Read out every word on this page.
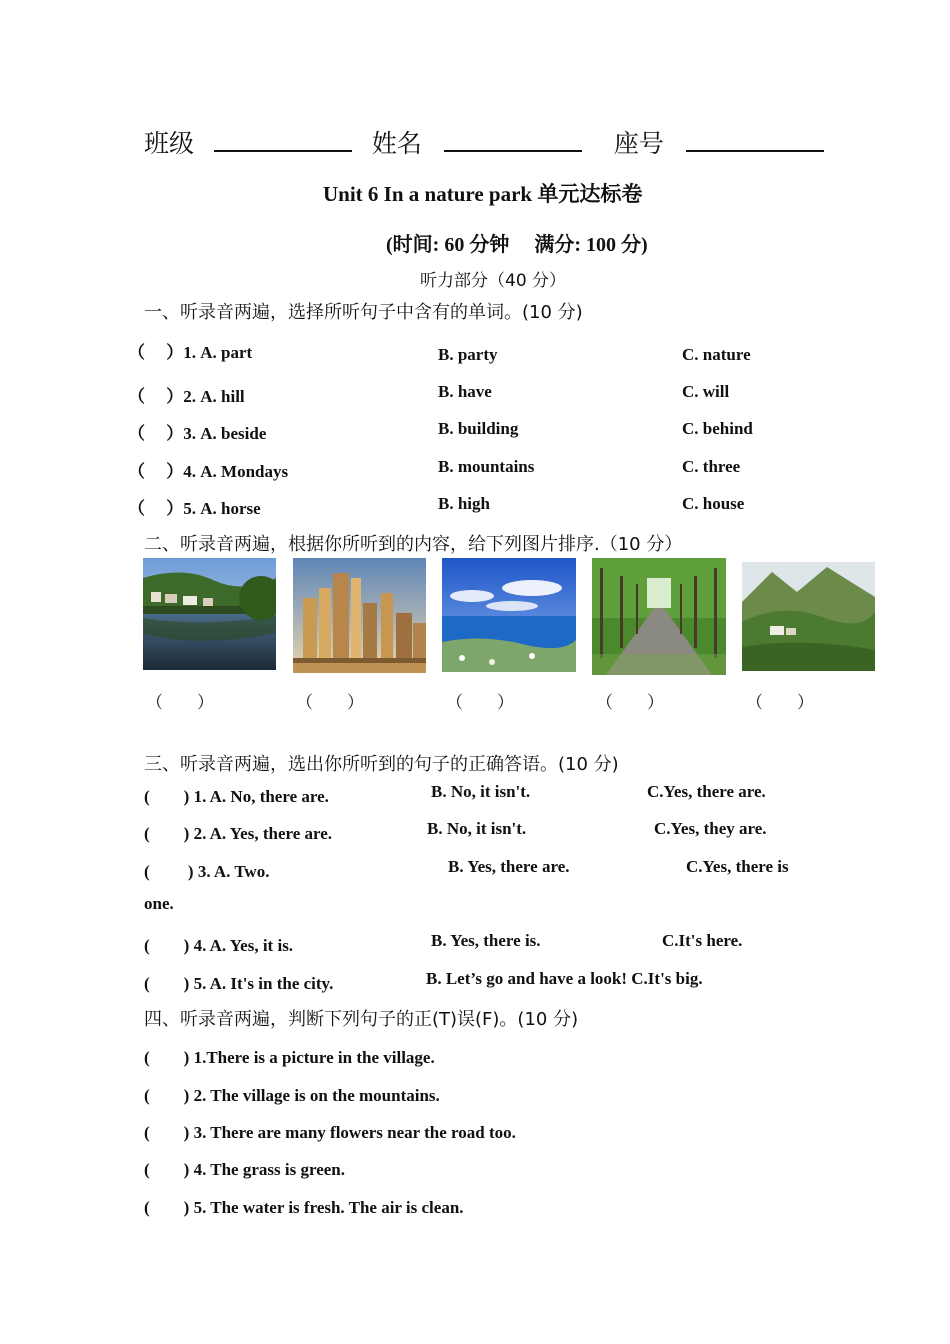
班级	姓名	座号
Unit 6 In a nature park 单元达标卷
(时间: 60 分钟　 满分: 100 分)
听力部分（40 分）
一、听录音两遍，选择所听句子中含有的单词。(10 分)
（　 ）1. A. part	B. party	C. nature
（　 ）2. A. hill	B. have	C. will
（　 ）3. A. beside	B. building	C. behind
（　 ）4. A. Mondays	B. mountains	C. three
（　 ）5. A. horse	B. high	C. house
二、听录音两遍，根据你所听到的内容，给下列图片排序.（10 分）
（　　）	（　　）	（　　）	（　　）	（　　）
三、听录音两遍，选出你所听到的句子的正确答语。(10 分)
(　　) 1. A. No, there are.	B. No, it isn't.	C.Yes, there are.
(　　) 2. A. Yes, there are.	B. No, it isn't.	C.Yes, they are.
(　　 ) 3. A. Two.	B. Yes, there are.	C.Yes, there is
one.
(　　) 4. A. Yes, it is.	B. Yes, there is.	C.It's here.
(　　) 5. A. It's in the city.	B. Let’s go and have a look! C.It's big.
四、听录音两遍，判断下列句子的正(T)误(F)。(10 分)
(　　) 1.There is a picture in the village.
(　　) 2. The village is on the mountains.
(　　) 3. There are many flowers near the road too.
(　　) 4. The grass is green.
(　　) 5. The water is fresh. The air is clean.
